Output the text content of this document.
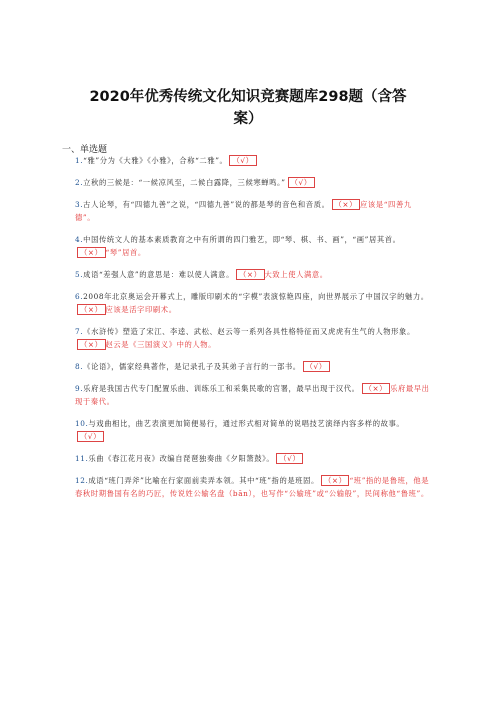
2020年优秀传统文化知识竞赛题库298题（含答
案）
一、单选题

1.“雅”分为《大雅》《小雅》，合称“二雅”。 （√）

2.立秋的三候是：“一候凉风至，二候白露降，三候寒蝉鸣。” （√）

3.古人论琴，有“四德九善”之说，“四德九善”说的都是琴的音色和音质。 （×） 应该是“四善九德”。

4.中国传统文人的基本素质教育之中有所谓的四门雅艺，即“琴、棋、书、画”，“画”居其首。（×） “琴”居首。

5.成语“差强人意”的意思是：难以使人满意。 （×） 大致上使人满意。

6.2008年北京奥运会开幕式上，雕版印刷术的“字模”表演惊艳四座，向世界展示了中国汉字的魅力。（×） 应该是活字印刷术。

7.《水浒传》塑造了宋江、李逵、武松、赵云等一系列各具性格特征而又虎虎有生气的人物形象。（×） 赵云是《三国演义》中的人物。

8.《论语》，儒家经典著作，是记录孔子及其弟子言行的一部书。 （√）

9.乐府是我国古代专门配置乐曲、训练乐工和采集民歌的官署，最早出现于汉代。 （×） 乐府最早出现于秦代。

10.与戏曲相比，曲艺表演更加简便易行，通过形式相对简单的说唱技艺演绎内容多样的故事。（√）

11.乐曲《春江花月夜》改编自琵琶独奏曲《夕阳箫鼓》。 （√）

12.成语“班门弄斧”比喻在行家面前卖弄本领。其中“班”指的是班固。 （×） “班”指的是鲁班，他是春秋时期鲁国有名的巧匠，传说姓公输名盘（bān），也写作“公输班”或“公输般”，民间称他“鲁班”。
